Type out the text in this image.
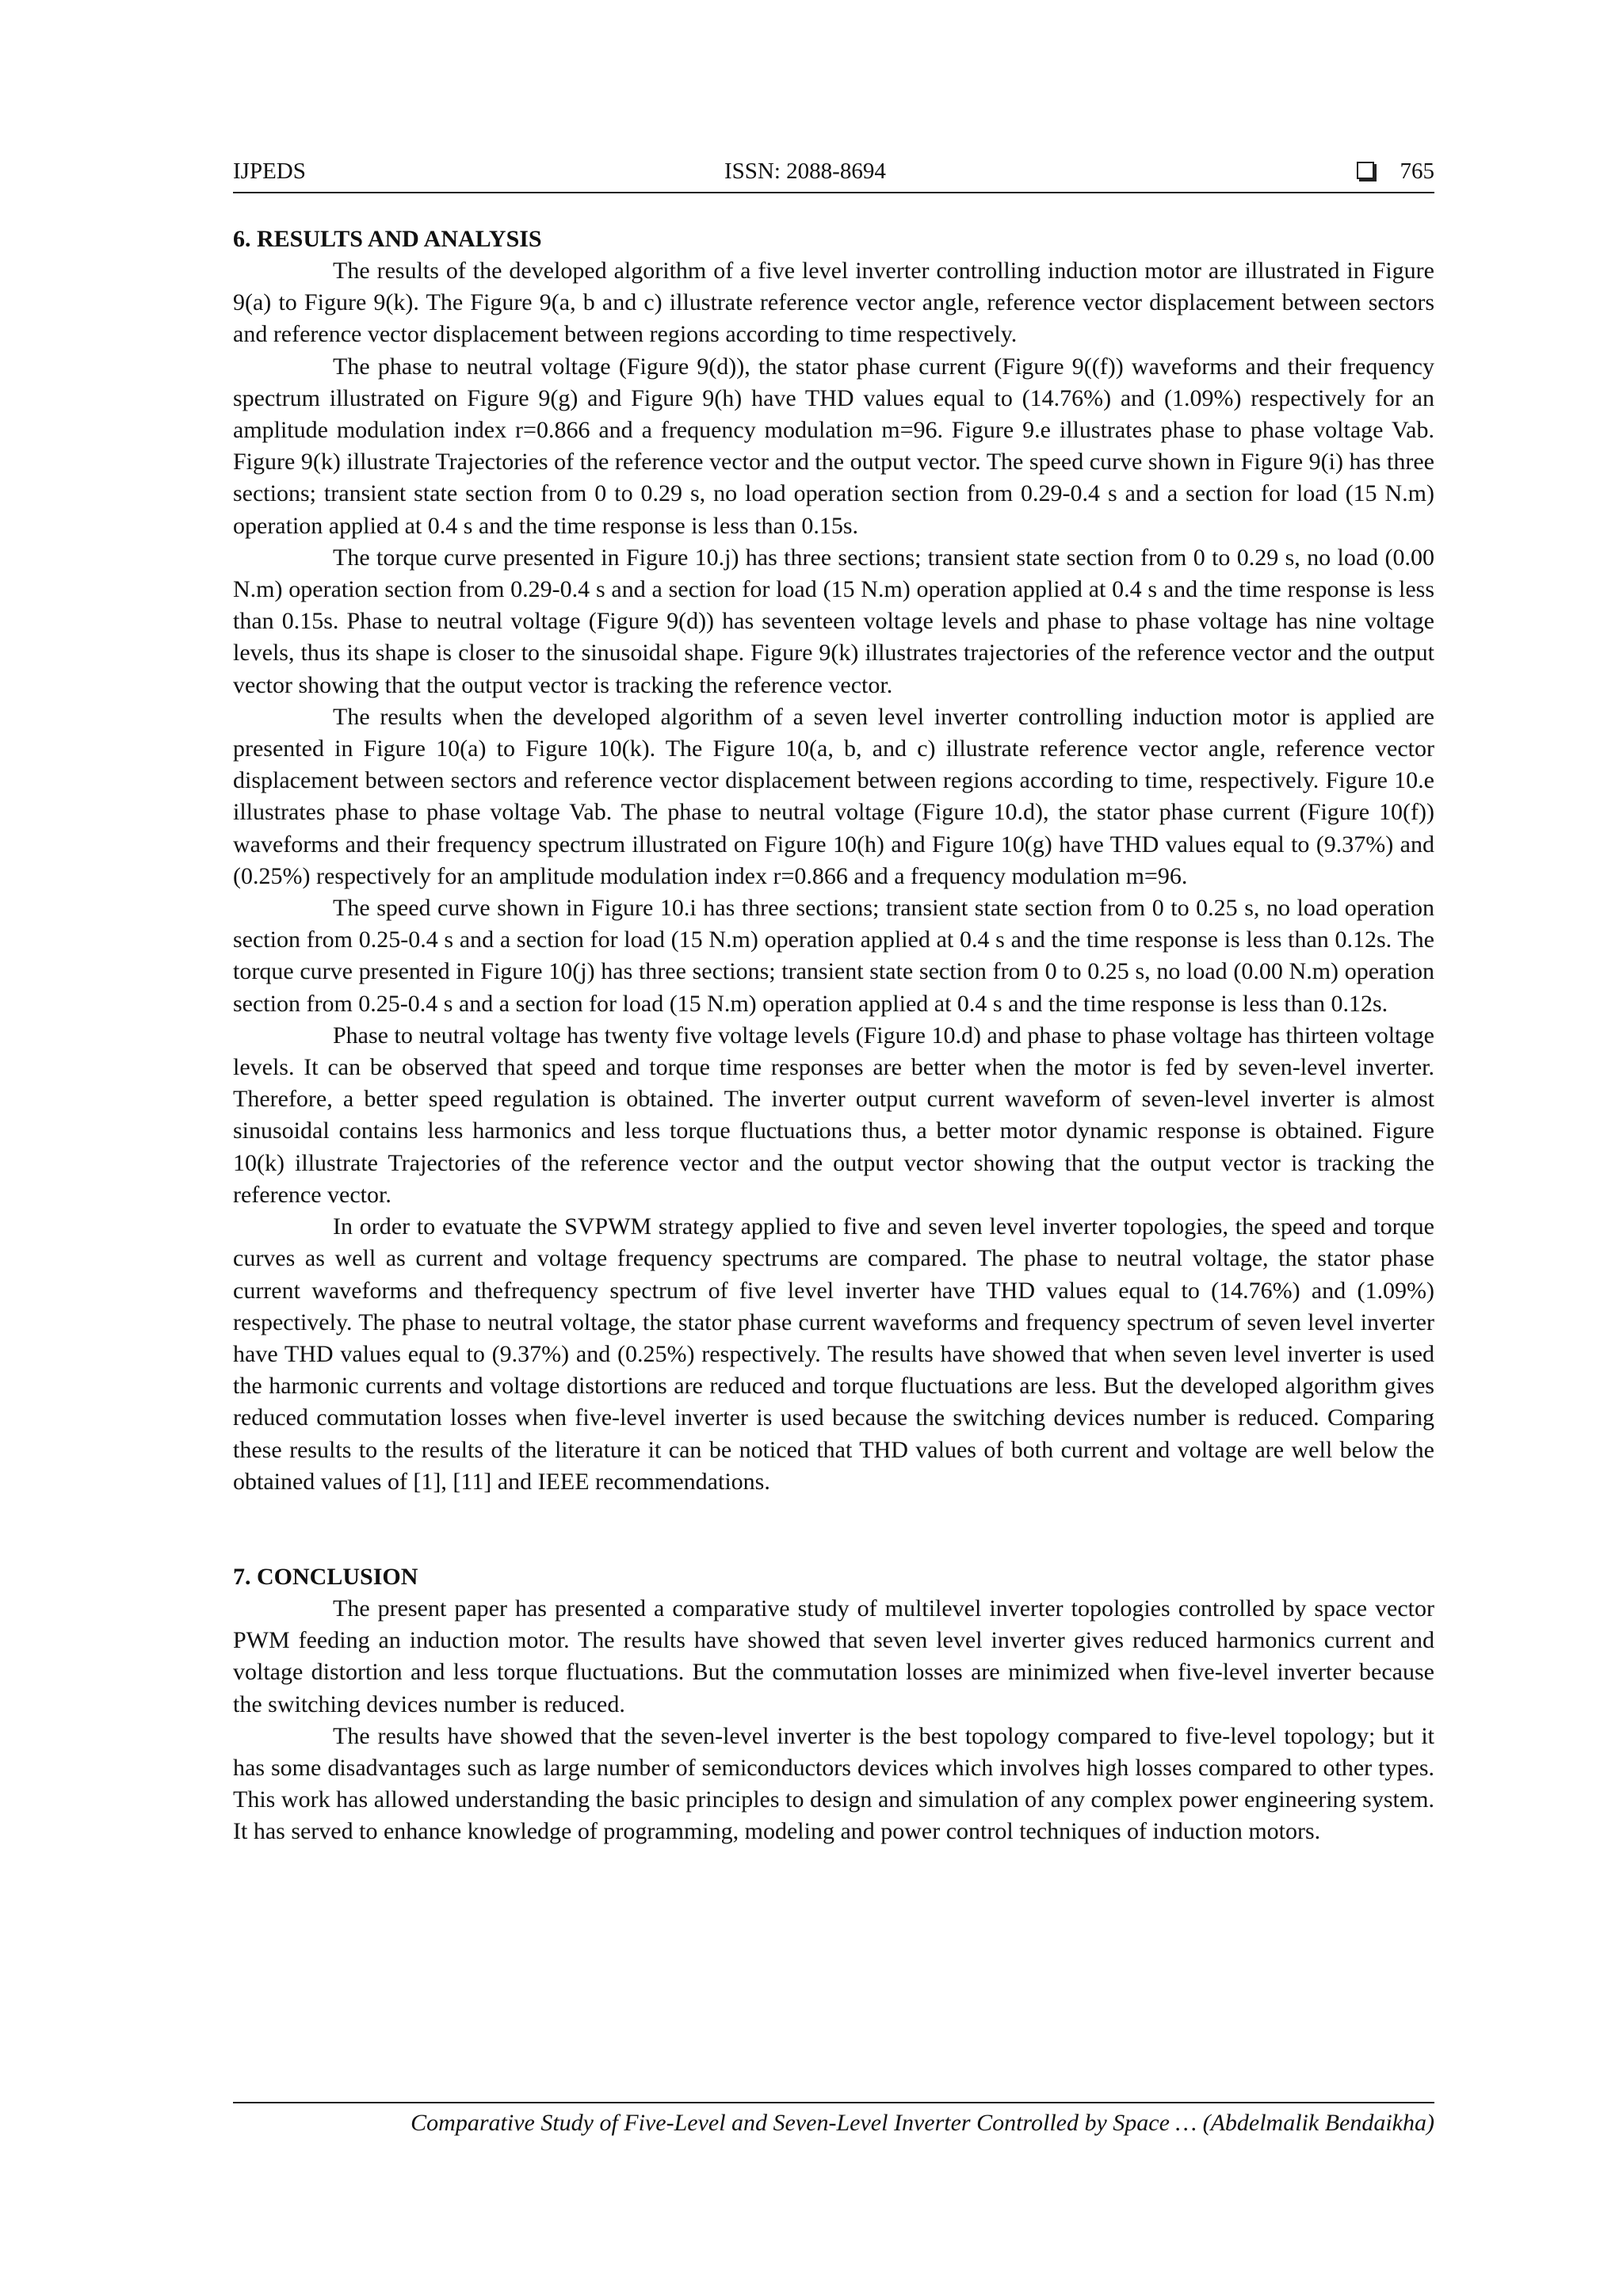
IJPEDS	ISSN: 2088-8694	765
6. RESULTS AND ANALYSIS

The results of the developed algorithm of a five level inverter controlling induction motor are illustrated in Figure 9(a) to Figure 9(k). The Figure 9(a, b and c) illustrate reference vector angle, reference vector displacement between sectors and reference vector displacement between regions according to time respectively.

The phase to neutral voltage (Figure 9(d)), the stator phase current (Figure 9((f)) waveforms and their frequency spectrum illustrated on Figure 9(g) and Figure 9(h) have THD values equal to (14.76%) and (1.09%) respectively for an amplitude modulation index r=0.866 and a frequency modulation m=96. Figure 9.e illustrates phase to phase voltage Vab. Figure 9(k) illustrate Trajectories of the reference vector and the output vector. The speed curve shown in Figure 9(i) has three sections; transient state section from 0 to 0.29 s, no load operation section from 0.29-0.4 s and a section for load (15 N.m) operation applied at 0.4 s and the time response is less than 0.15s.

The torque curve presented in Figure 10.j) has three sections; transient state section from 0 to 0.29 s, no load (0.00 N.m) operation section from 0.29-0.4 s and a section for load (15 N.m) operation applied at 0.4 s and the time response is less than 0.15s. Phase to neutral voltage (Figure 9(d)) has seventeen voltage levels and phase to phase voltage has nine voltage levels, thus its shape is closer to the sinusoidal shape. Figure 9(k) illustrates trajectories of the reference vector and the output vector showing that the output vector is tracking the reference vector.

The results when the developed algorithm of a seven level inverter controlling induction motor is applied are presented in Figure 10(a) to Figure 10(k). The Figure 10(a, b, and c) illustrate reference vector angle, reference vector displacement between sectors and reference vector displacement between regions according to time, respectively. Figure 10.e illustrates phase to phase voltage Vab. The phase to neutral voltage (Figure 10.d), the stator phase current (Figure 10(f)) waveforms and their frequency spectrum illustrated on Figure 10(h) and Figure 10(g) have THD values equal to (9.37%) and (0.25%) respectively for an amplitude modulation index r=0.866 and a frequency modulation m=96.

The speed curve shown in Figure 10.i has three sections; transient state section from 0 to 0.25 s, no load operation section from 0.25-0.4 s and a section for load (15 N.m) operation applied at 0.4 s and the time response is less than 0.12s. The torque curve presented in Figure 10(j) has three sections; transient state section from 0 to 0.25 s, no load (0.00 N.m) operation section from 0.25-0.4 s and a section for load (15 N.m) operation applied at 0.4 s and the time response is less than 0.12s.

Phase to neutral voltage has twenty five voltage levels (Figure 10.d) and phase to phase voltage has thirteen voltage levels. It can be observed that speed and torque time responses are better when the motor is fed by seven-level inverter. Therefore, a better speed regulation is obtained. The inverter output current waveform of seven-level inverter is almost sinusoidal contains less harmonics and less torque fluctuations thus, a better motor dynamic response is obtained. Figure 10(k) illustrate Trajectories of the reference vector and the output vector showing that the output vector is tracking the reference vector.

In order to evatuate the SVPWM strategy applied to five and seven level inverter topologies, the speed and torque curves as well as current and voltage frequency spectrums are compared. The phase to neutral voltage, the stator phase current waveforms and thefrequency spectrum of five level inverter have THD values equal to (14.76%) and (1.09%) respectively. The phase to neutral voltage, the stator phase current waveforms and frequency spectrum of seven level inverter have THD values equal to (9.37%) and (0.25%) respectively. The results have showed that when seven level inverter is used the harmonic currents and voltage distortions are reduced and torque fluctuations are less. But the developed algorithm gives reduced commutation losses when five-level inverter is used because the switching devices number is reduced. Comparing these results to the results of the literature it can be noticed that THD values of both current and voltage are well below the obtained values of [1], [11] and IEEE recommendations.

7. CONCLUSION

The present paper has presented a comparative study of multilevel inverter topologies controlled by space vector PWM feeding an induction motor. The results have showed that seven level inverter gives reduced harmonics current and voltage distortion and less torque fluctuations. But the commutation losses are minimized when five-level inverter because the switching devices number is reduced.

The results have showed that the seven-level inverter is the best topology compared to five-level topology; but it has some disadvantages such as large number of semiconductors devices which involves high losses compared to other types. This work has allowed understanding the basic principles to design and simulation of any complex power engineering system. It has served to enhance knowledge of programming, modeling and power control techniques of induction motors.

Comparative Study of Five-Level and Seven-Level Inverter Controlled by Space … (Abdelmalik Bendaikha)
